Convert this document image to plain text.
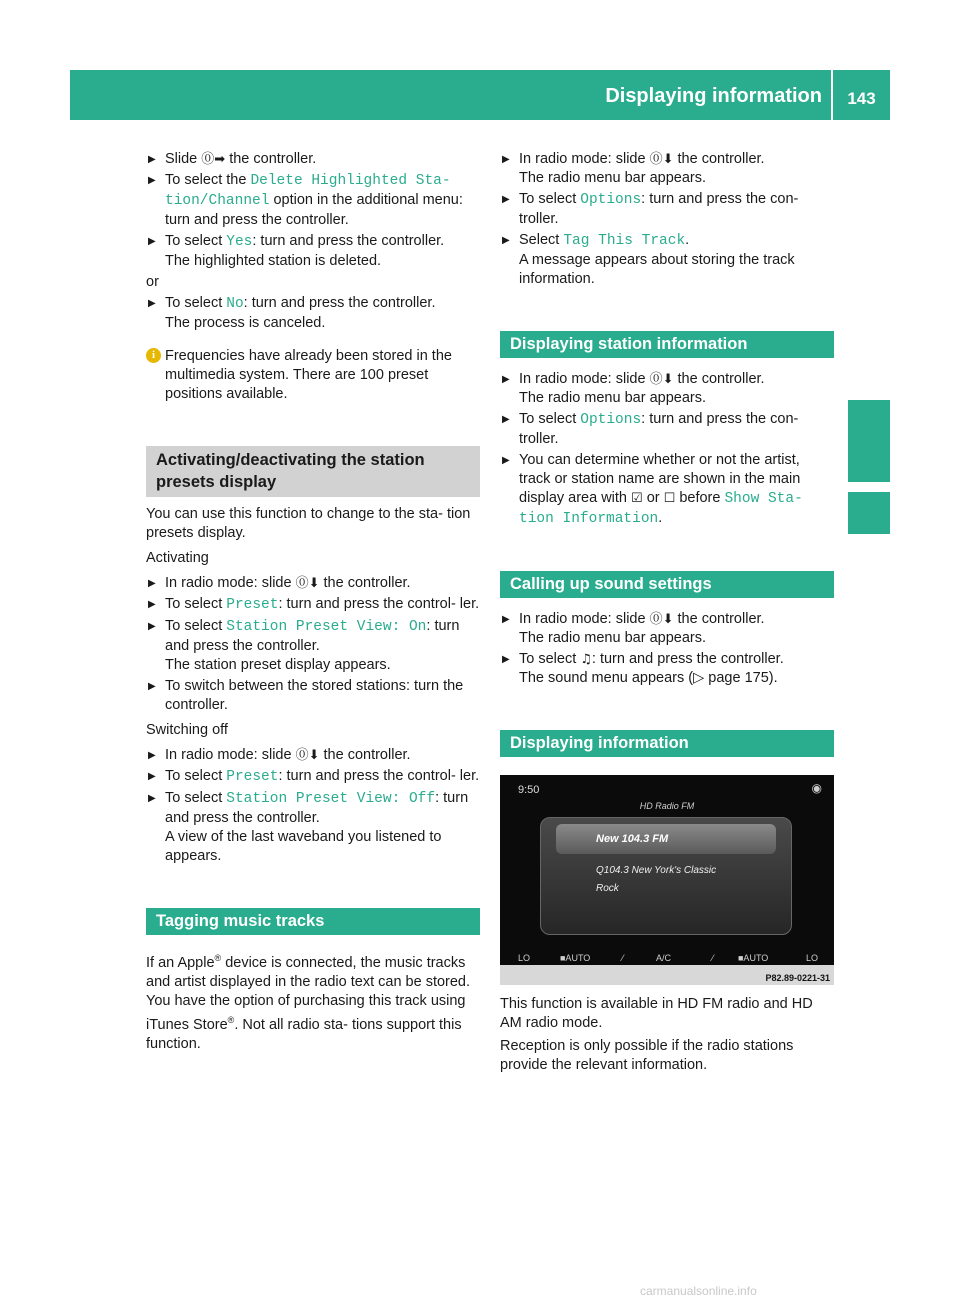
Displaying information	143
Radio
▶ Slide ⓪➡ the controller.
▶ To select the Delete Highlighted Sta‐ tion/Channel option in the additional menu: turn and press the controller.
▶ To select Yes: turn and press the controller.
The highlighted station is deleted.
or
▶ To select No: turn and press the controller.
The process is canceled.
i Frequencies have already been stored in the multimedia system. There are 100 preset positions available.
Activating/deactivating the station presets display
You can use this function to change to the sta‐ tion presets display.
Activating
▶ In radio mode: slide ⓪⬇ the controller.
▶ To select Preset: turn and press the control‐ ler.
▶ To select Station Preset View: On: turn and press the controller.
The station preset display appears.
▶ To switch between the stored stations: turn the controller.
Switching off
▶ In radio mode: slide ⓪⬇ the controller.
▶ To select Preset: turn and press the control‐ ler.
▶ To select Station Preset View: Off: turn and press the controller.
A view of the last waveband you listened to appears.
Tagging music tracks
If an Apple® device is connected, the music tracks and artist displayed in the radio text can be stored. You have the option of purchasing this track using iTunes Store®. Not all radio sta‐ tions support this function.
▶ In radio mode: slide ⓪⬇ the controller.
The radio menu bar appears.
▶ To select Options: turn and press the con‐ troller.
▶ Select Tag This Track.
A message appears about storing the track information.
Displaying station information
▶ In radio mode: slide ⓪⬇ the controller.
The radio menu bar appears.
▶ To select Options: turn and press the con‐ troller.
▶ You can determine whether or not the artist, track or station name are shown in the main display area with ☑ or ☐ before Show Sta‐ tion Information.
Calling up sound settings
▶ In radio mode: slide ⓪⬇ the controller.
The radio menu bar appears.
▶ To select ♫: turn and press the controller.
The sound menu appears (▷ page 175).
Displaying information
9:50	◉
HD Radio FM
New 104.3 FM
Q104.3 New York's Classic
Rock
LO	■AUTO	⁄	A/C	⁄	■AUTO	LO
P82.89-0221-31
This function is available in HD FM radio and HD AM radio mode.
Reception is only possible if the radio stations provide the relevant information.
carmanualsonline.info
